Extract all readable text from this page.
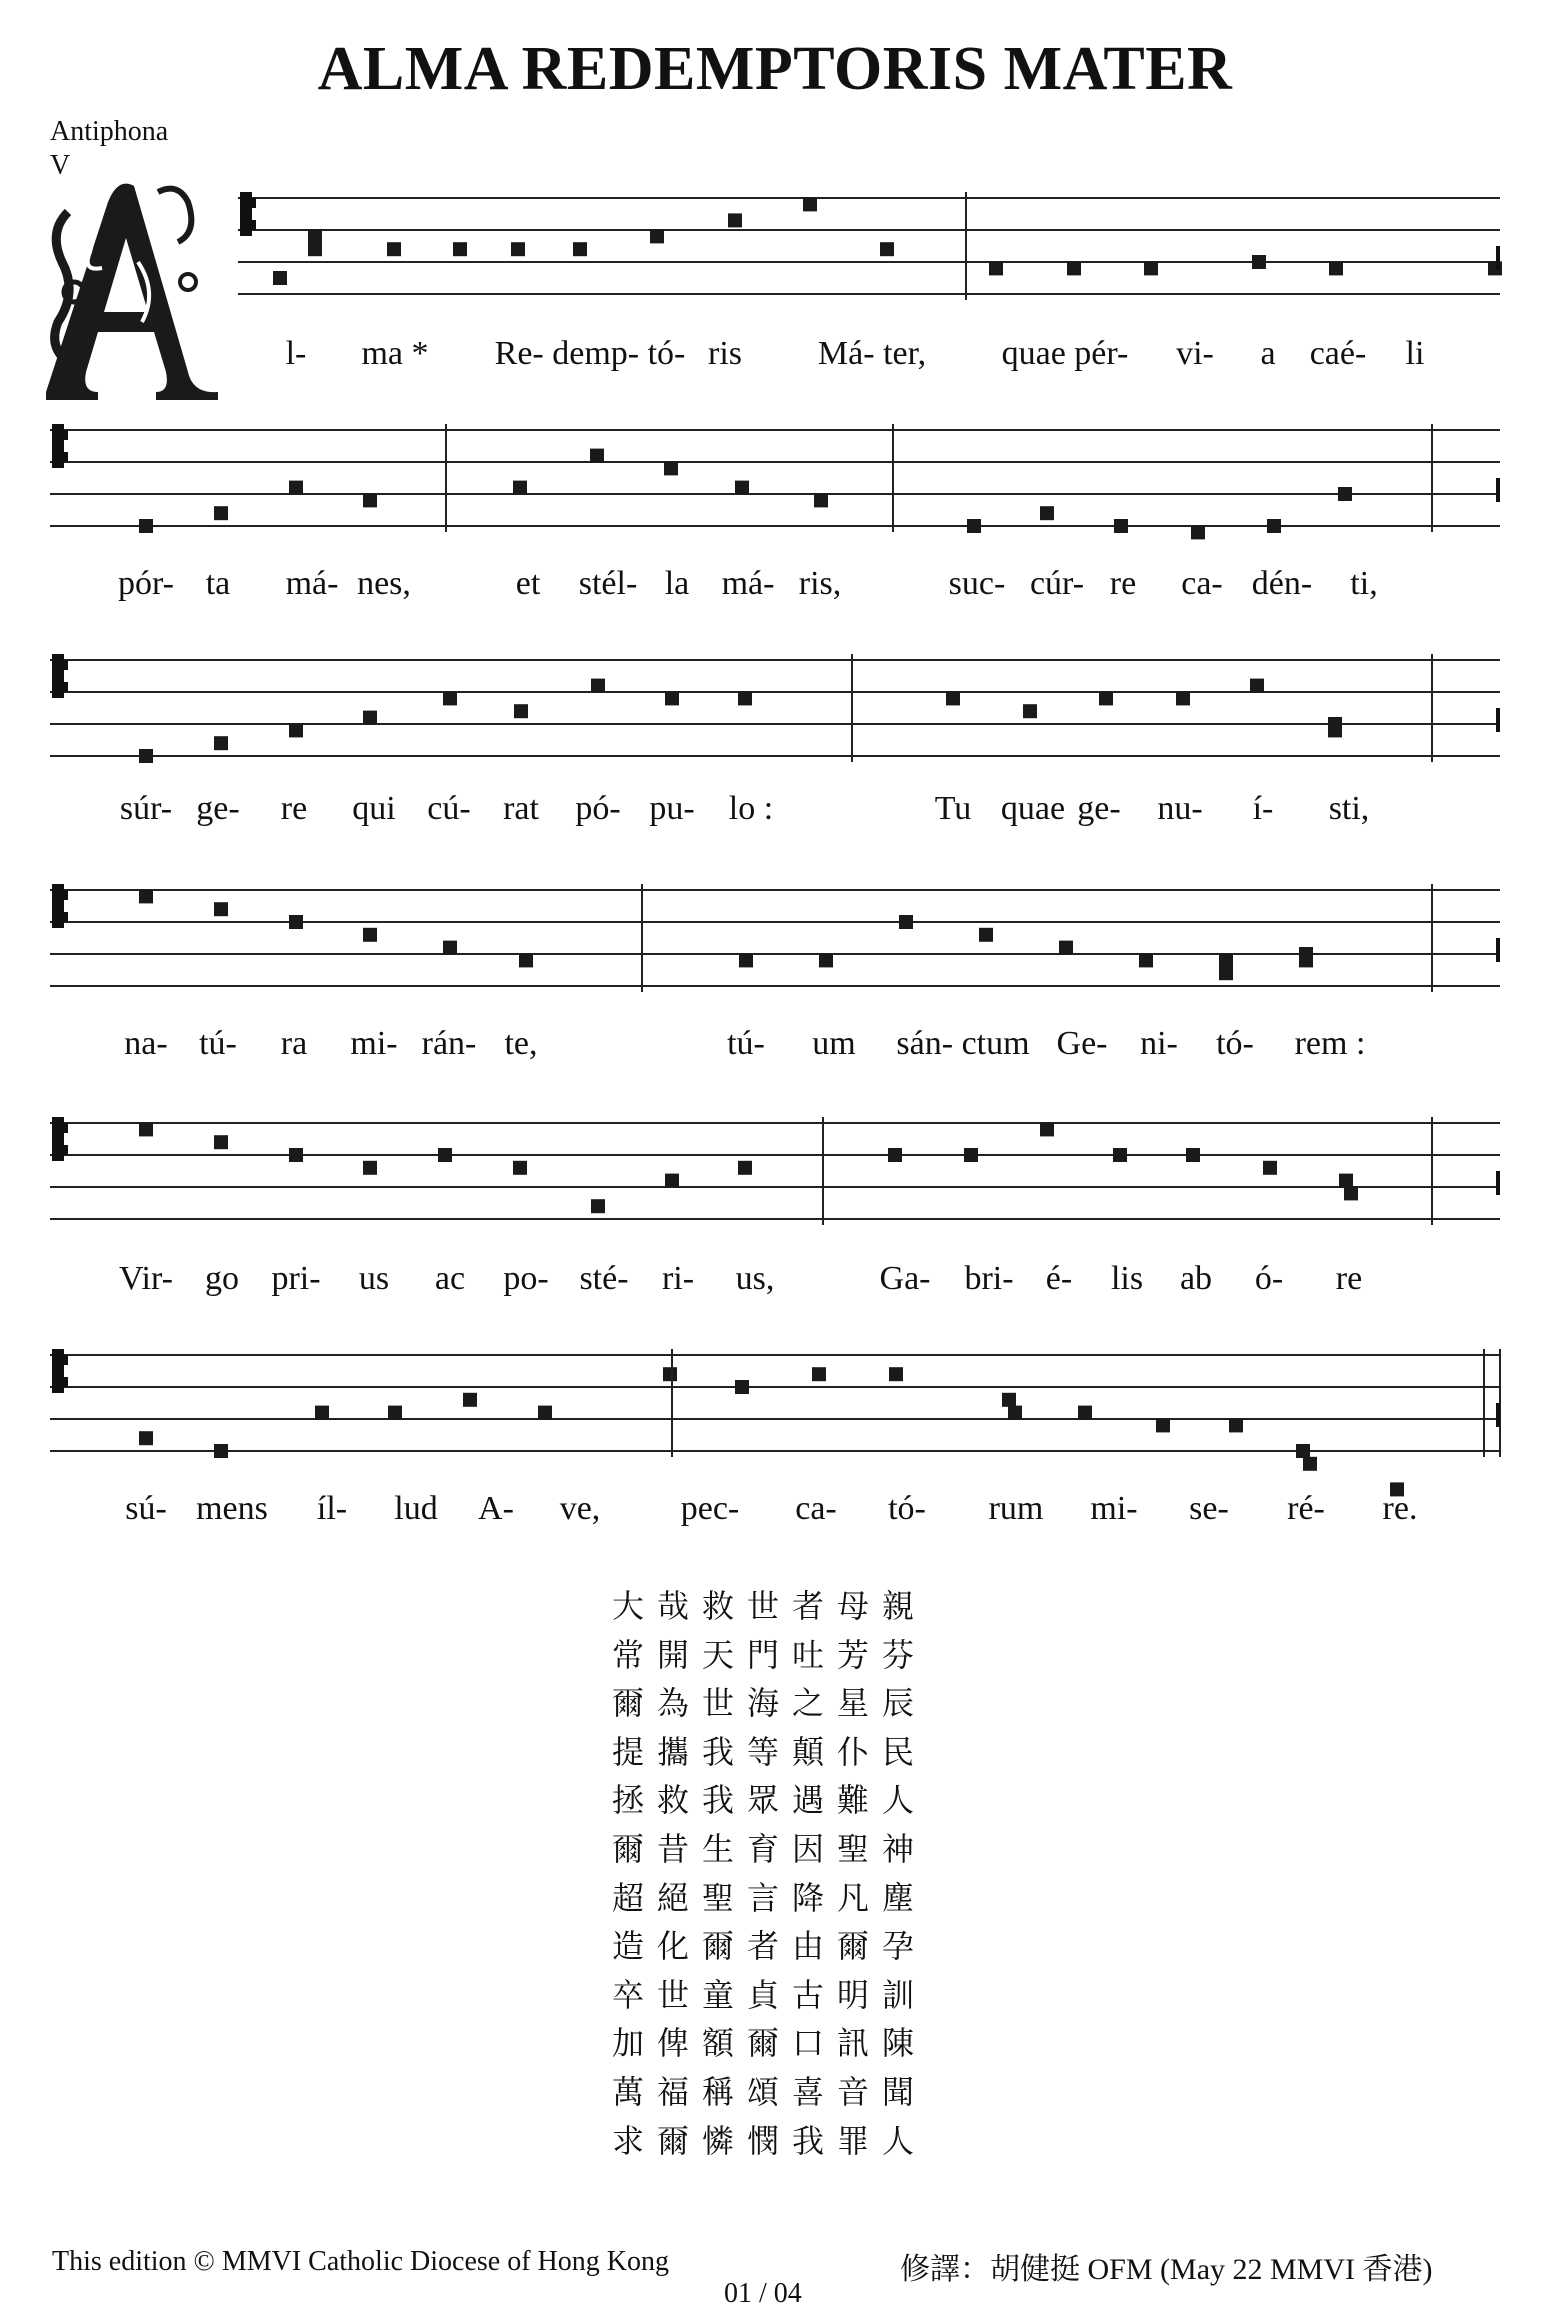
ALMA REDEMPTORIS MATER
Antiphona
V
l- ma * Re- demp- tó- ris Má- ter, quae pér- vi- a caé- li
pór- ta má- nes,	et stél- la má- ris,	suc- cúr- re ca- dén- ti,
súr- ge- re qui cú- rat pó- pu- lo :	Tu quae ge- nu- í- sti,
na- tú- ra mi- rán- te,	tú- um sán- ctum Ge- ni- tó- rem :
Vir- go pri- us ac po- sté- ri- us,	Ga- bri- é- lis ab ó- re
sú- mens íl- lud A- ve, pec- ca- tó- rum mi- se- ré- re.
大哉救世者母親
常開天門吐芳芬
爾為世海之星辰
提攜我等顛仆民
拯救我眾遇難人
爾昔生育因聖神
超絕聖言降凡塵
造化爾者由爾孕
卒世童貞古明訓
加俾額爾口訊陳
萬福稱頌喜音聞
求爾憐憫我罪人
This edition © MMVI Catholic Diocese of Hong Kong
01 / 04
修譯：胡健挺 OFM (May 22 MMVI 香港)
